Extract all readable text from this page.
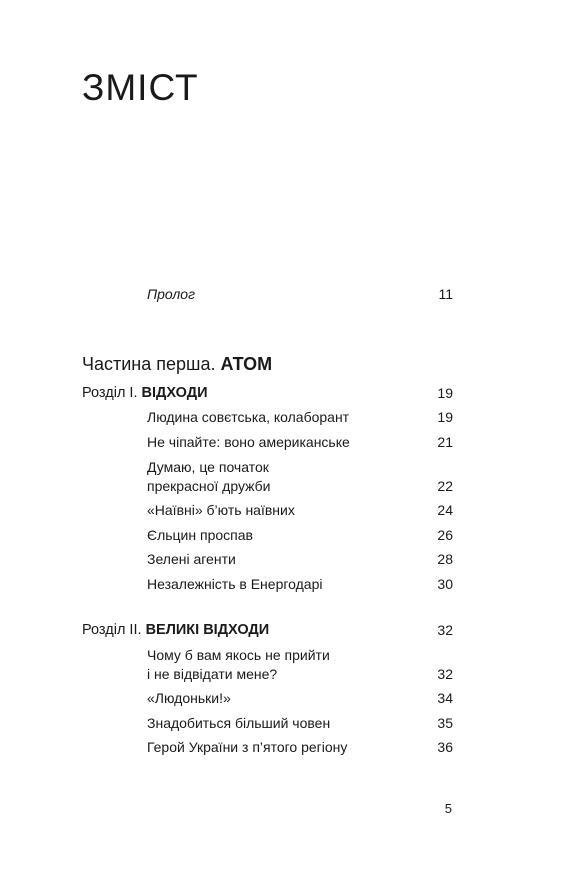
ЗМІСТ
Пролог	11
Частина перша. АТОМ
Розділ І. ВІДХОДИ	19
Людина совєтська, колаборант	19
Не чіпайте: воно американське	21
Думаю, це початок
прекрасної дружби	22
«Наївні» б’ють наївних	24
Єльцин проспав	26
Зелені агенти	28
Незалежність в Енергодарі	30
Розділ ІІ. ВЕЛИКІ ВІДХОДИ	32
Чому б вам якось не прийти
і не відвідати мене?	32
«Людоньки!»	34
Знадобиться більший човен	35
Герой України з п’ятого регіону	36
5
